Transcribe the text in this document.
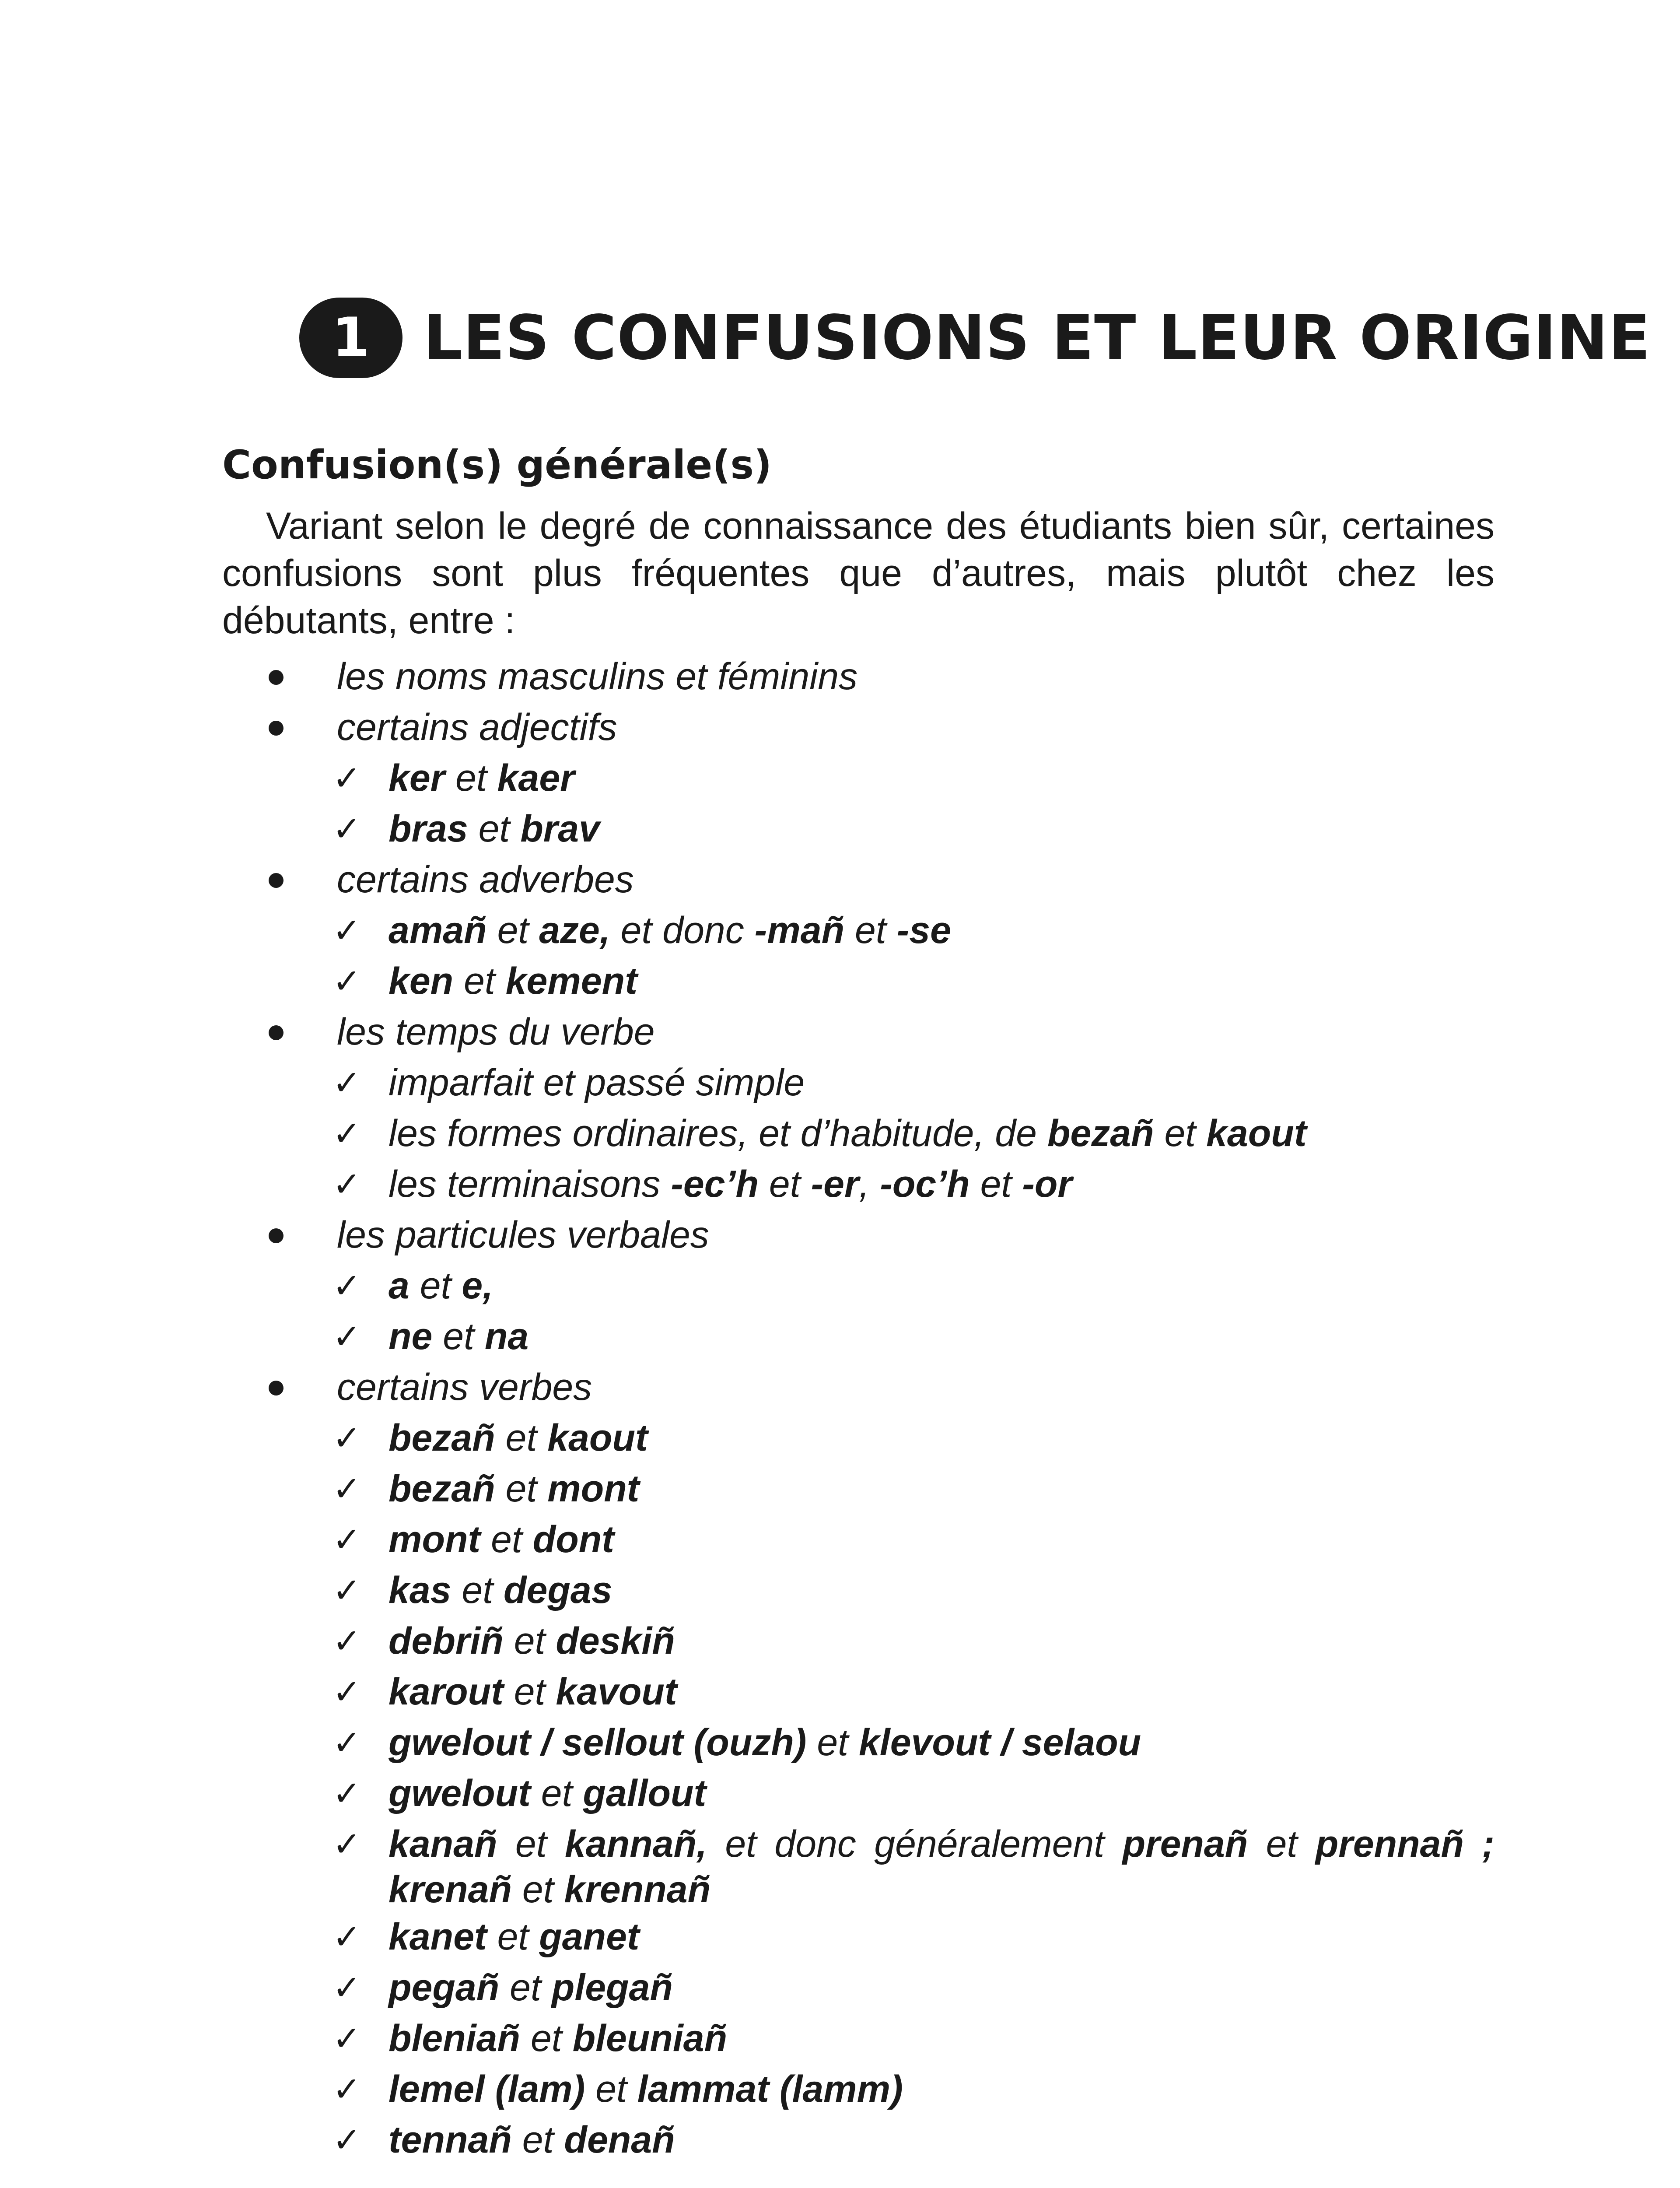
1 LES CONFUSIONS ET LEUR ORIGINE
Confusion(s) générale(s)

Variant selon le degré de connaissance des étudiants bien sûr, certaines confusions sont plus fréquentes que d’autres, mais plutôt chez les débutants, entre :

les noms masculins et féminins
certains adjectifs
✓ ker et kaer
✓ bras et brav
certains adverbes
✓ amañ et aze, et donc -mañ et -se
✓ ken et kement
les temps du verbe
✓ imparfait et passé simple
✓ les formes ordinaires, et d’habitude, de bezañ et kaout
✓ les terminaisons -ec’h et -er, -oc’h et -or
les particules verbales
✓ a et e,
✓ ne et na
certains verbes
✓ bezañ et kaout
✓ bezañ et mont
✓ mont et dont
✓ kas et degas
✓ debriñ et deskiñ
✓ karout et kavout
✓ gwelout / sellout (ouzh) et klevout / selaou
✓ gwelout et gallout
✓ kanañ et kannañ, et donc généralement prenañ et prennañ ; krenañ et krennañ
✓ kanet et ganet
✓ pegañ et plegañ
✓ bleniañ et bleuniañ
✓ lemel (lam) et lammat (lamm)
✓ tennañ et denañ
